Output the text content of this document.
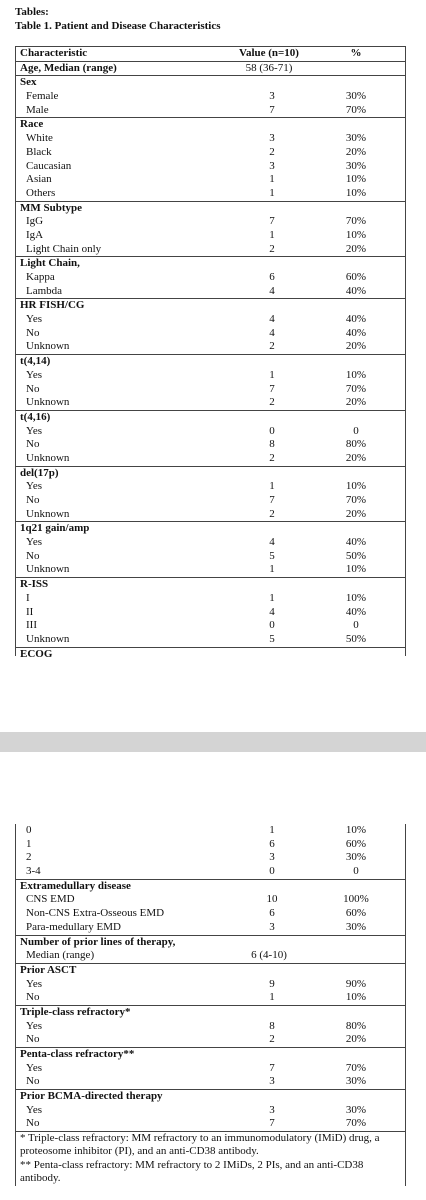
Tables:
Table 1. Patient and Disease Characteristics
Characteristic	Value (n=10)	%
Age, Median (range)	58 (36-71)
Sex
Female	3	30%
Male	7	70%
Race
White	3	30%
Black	2	20%
Caucasian	3	30%
Asian	1	10%
Others	1	10%
MM Subtype
IgG	7	70%
IgA	1	10%
Light Chain only	2	20%
Light Chain,
Kappa	6	60%
Lambda	4	40%
HR FISH/CG
Yes	4	40%
No	4	40%
Unknown	2	20%
t(4,14)
Yes	1	10%
No	7	70%
Unknown	2	20%
t(4,16)
Yes	0	0
No	8	80%
Unknown	2	20%
del(17p)
Yes	1	10%
No	7	70%
Unknown	2	20%
1q21 gain/amp
Yes	4	40%
No	5	50%
Unknown	1	10%
R-ISS
I	1	10%
II	4	40%
III	0	0
Unknown	5	50%
ECOG
0	1	10%
1	6	60%
2	3	30%
3-4	0	0
Extramedullary disease
CNS EMD	10	100%
Non-CNS Extra-Osseous EMD	6	60%
Para-medullary EMD	3	30%
Number of prior lines of therapy,
Median (range)	6 (4-10)
Prior ASCT
Yes	9	90%
No	1	10%
Triple-class refractory*
Yes	8	80%
No	2	20%
Penta-class refractory**
Yes	7	70%
No	3	30%
Prior BCMA-directed therapy
Yes	3	30%
No	7	70%
* Triple-class refractory: MM refractory to an immunomodulatory (IMiD) drug, a proteosome inhibitor (PI), and an anti-CD38 antibody.
** Penta-class refractory: MM refractory to 2 IMiDs, 2 PIs, and an anti-CD38 antibody.
